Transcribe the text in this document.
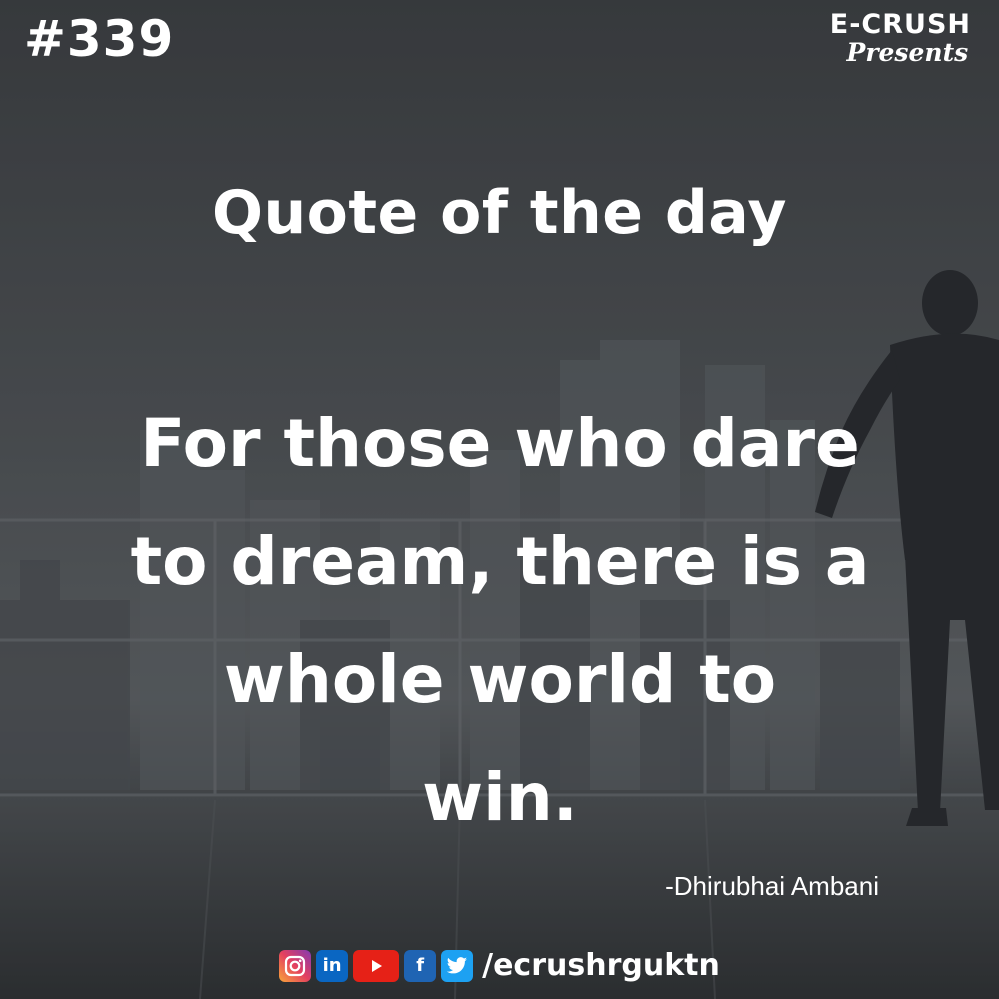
#339	E-CRUSH
Presents
Quote of the day
For those who dare
to dream, there is a
whole world to
win.
-Dhirubhai Ambani
in	f	/ecrushrguktn
